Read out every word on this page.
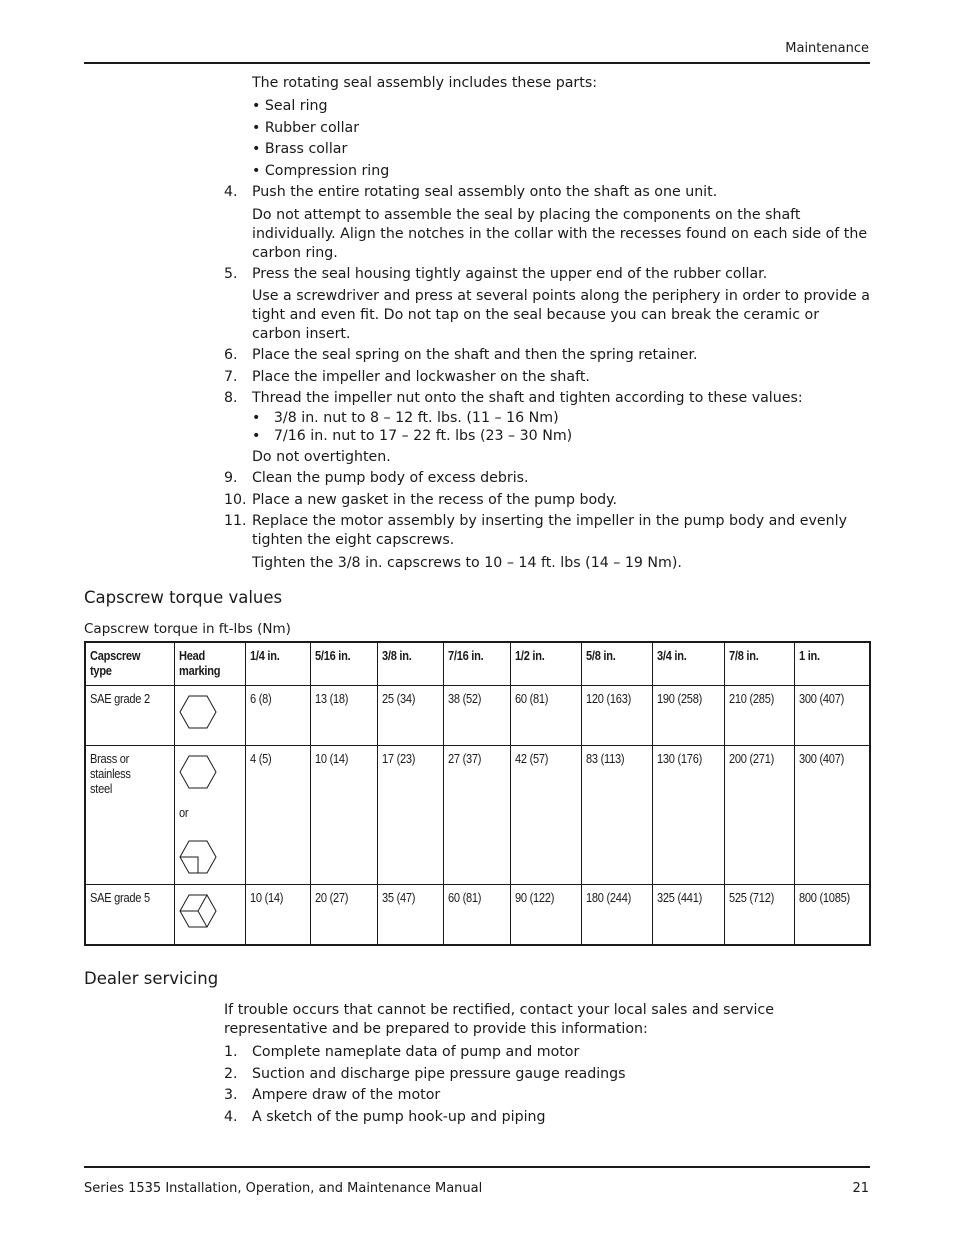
Maintenance
The rotating seal assembly includes these parts:
• Seal ring
• Rubber collar
• Brass collar
• Compression ring
4.	Push the entire rotating seal assembly onto the shaft as one unit.
Do not attempt to assemble the seal by placing the components on the shaft individually. Align the notches in the collar with the recesses found on each side of the carbon ring.
5.	Press the seal housing tightly against the upper end of the rubber collar.
Use a screwdriver and press at several points along the periphery in order to provide a tight and even fit. Do not tap on the seal because you can break the ceramic or carbon insert.
6.	Place the seal spring on the shaft and then the spring retainer.
7.	Place the impeller and lockwasher on the shaft.
8.	Thread the impeller nut onto the shaft and tighten according to these values:
•   3/8 in. nut to 8 – 12 ft. lbs. (11 – 16 Nm)
•   7/16 in. nut to 17 – 22 ft. lbs (23 – 30 Nm)
Do not overtighten.
9.	Clean the pump body of excess debris.
10. Place a new gasket in the recess of the pump body.
11. Replace the motor assembly by inserting the impeller in the pump body and evenly tighten the eight capscrews.
Tighten the 3/8 in. capscrews to 10 – 14 ft. lbs (14 – 19 Nm).
Capscrew torque values
Capscrew torque in ft-lbs (Nm)
Capscrew type	Head marking	1/4 in.	5/16 in.	3/8 in.	7/16 in.	1/2 in.	5/8 in.	3/4 in.	7/8 in.	1 in.
SAE grade 2		6 (8)	13 (18)	25 (34)	38 (52)	60 (81)	120 (163)	190 (258)	210 (285)	300 (407)
Brass or stainless steel	or	4 (5)	10 (14)	17 (23)	27 (37)	42 (57)	83 (113)	130 (176)	200 (271)	300 (407)
SAE grade 5		10 (14)	20 (27)	35 (47)	60 (81)	90 (122)	180 (244)	325 (441)	525 (712)	800 (1085)
Dealer servicing
If trouble occurs that cannot be rectified, contact your local sales and service representative and be prepared to provide this information:
1.	Complete nameplate data of pump and motor
2.	Suction and discharge pipe pressure gauge readings
3.	Ampere draw of the motor
4.	A sketch of the pump hook-up and piping
Series 1535 Installation, Operation, and Maintenance Manual	21
